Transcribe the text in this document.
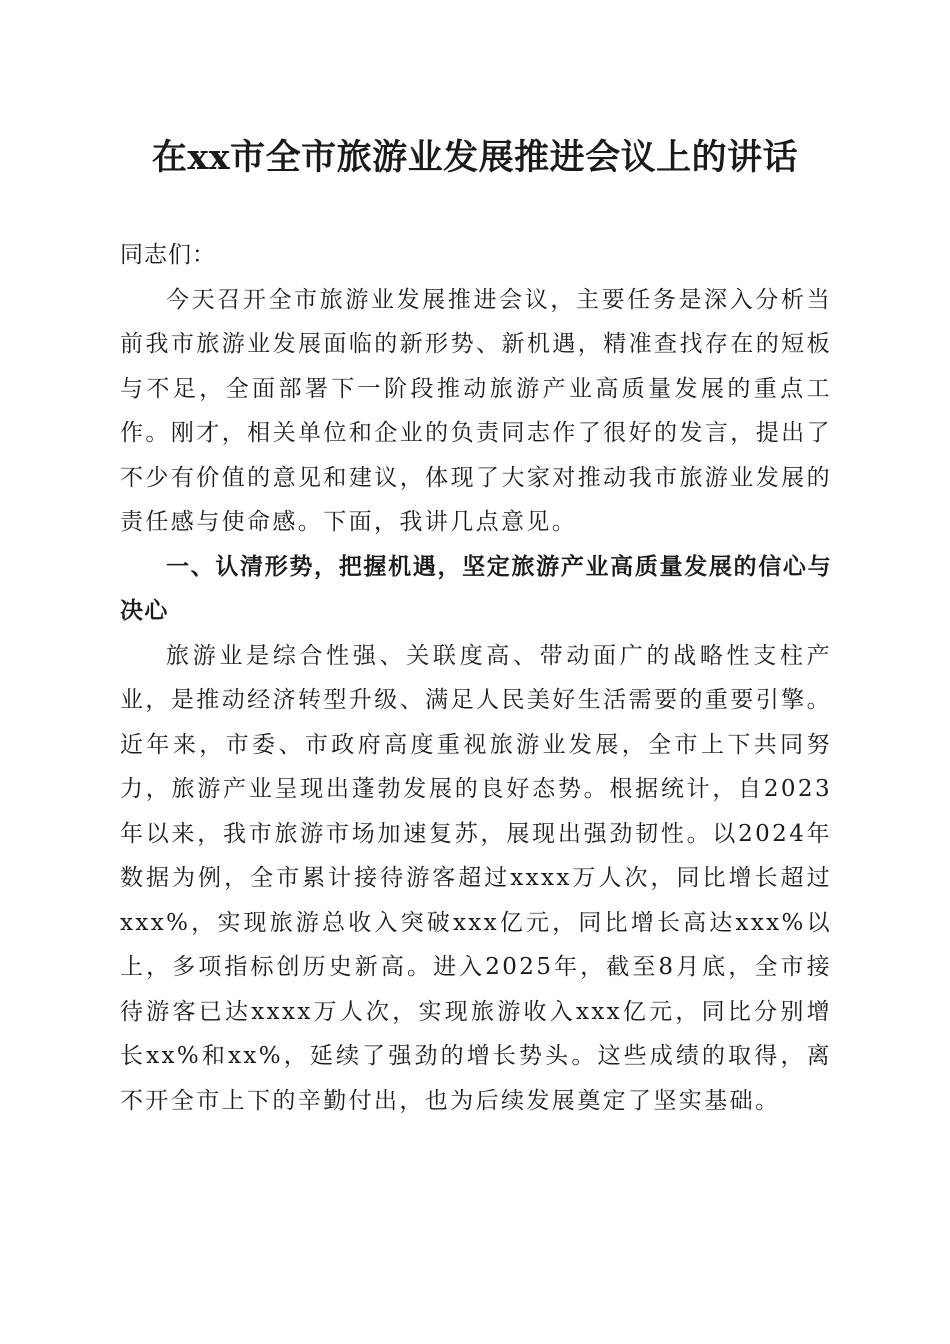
在xx市全市旅游业发展推进会议上的讲话

同志们：

今天召开全市旅游业发展推进会议，主要任务是深入分析当前我市旅游业发展面临的新形势、新机遇，精准查找存在的短板与不足，全面部署下一阶段推动旅游产业高质量发展的重点工作。刚才，相关单位和企业的负责同志作了很好的发言，提出了不少有价值的意见和建议，体现了大家对推动我市旅游业发展的责任感与使命感。下面，我讲几点意见。

一、认清形势，把握机遇，坚定旅游产业高质量发展的信心与决心

旅游业是综合性强、关联度高、带动面广的战略性支柱产业，是推动经济转型升级、满足人民美好生活需要的重要引擎。近年来，市委、市政府高度重视旅游业发展，全市上下共同努力，旅游产业呈现出蓬勃发展的良好态势。根据统计，自2023年以来，我市旅游市场加速复苏，展现出强劲韧性。以2024年数据为例，全市累计接待游客超过xxxx万人次，同比增长超过xxx%，实现旅游总收入突破xxx亿元，同比增长高达xxx%以上，多项指标创历史新高。进入2025年，截至8月底，全市接待游客已达xxxx万人次，实现旅游收入xxx亿元，同比分别增长xx%和xx%，延续了强劲的增长势头。这些成绩的取得，离不开全市上下的辛勤付出，也为后续发展奠定了坚实基础。
